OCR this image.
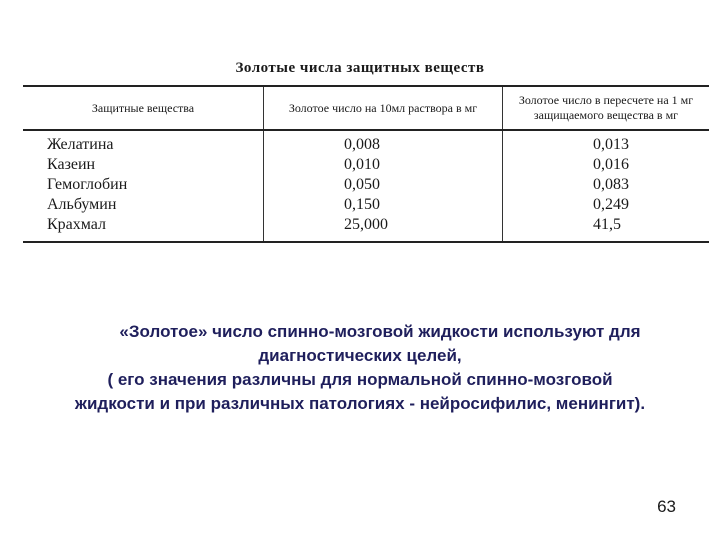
Золотые числа защитных веществ
Защитные вещества	Золотое число на 10мл раствора в мг	Золотое число в пересчете на 1 мг защищаемого вещества в мг
Желатина	0,008	0,013
Казеин	0,010	0,016
Гемоглобин	0,050	0,083
Альбумин	0,150	0,249
Крахмал	25,000	41,5
«Золотое» число спинно-мозговой жидкости используют для
диагностических целей,
( его значения различны для нормальной спинно-мозговой
жидкости и при различных патологиях - нейросифилис, менингит).
63
